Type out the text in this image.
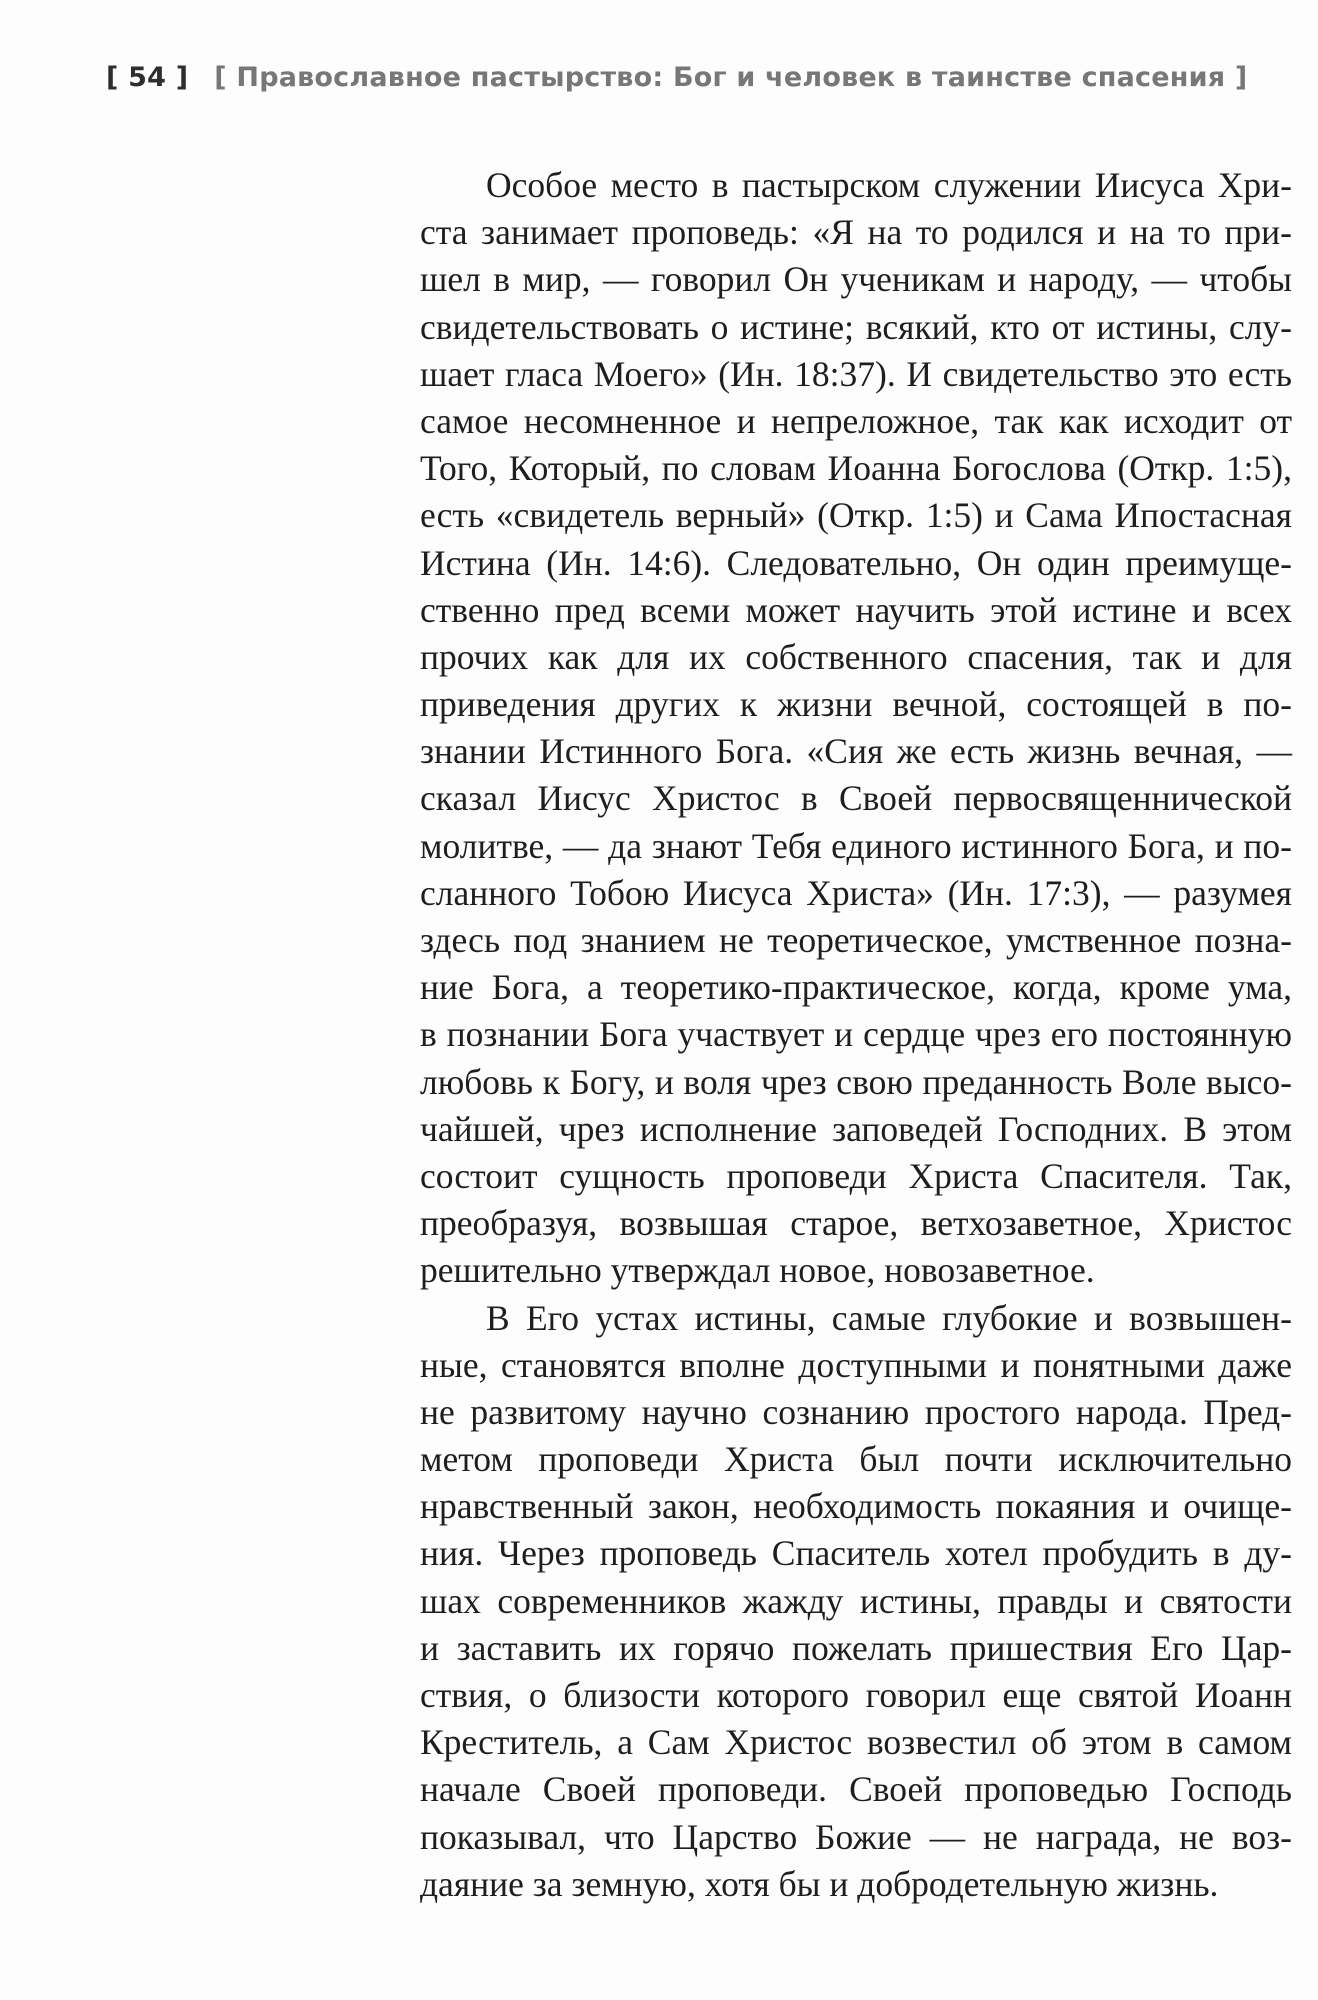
[ 54 ] [ Православное пастырство: Бог и человек в таинстве спасения ]
Особое место в пастырском служении Иисуса Хри-
ста занимает проповедь: «Я на то родился и на то при-
шел в мир, — говорил Он ученикам и народу, — чтобы
свидетельствовать о истине; всякий, кто от истины, слу-
шает гласа Моего» (Ин. 18:37). И свидетельство это есть
самое несомненное и непреложное, так как исходит от
Того, Который, по словам Иоанна Богослова (Откр. 1:5),
есть «свидетель верный» (Откр. 1:5) и Сама Ипостасная
Истина (Ин. 14:6). Следовательно, Он один преимуще-
ственно пред всеми может научить этой истине и всех
прочих как для их собственного спасения, так и для
приведения других к жизни вечной, состоящей в по-
знании Истинного Бога. «Сия же есть жизнь вечная, —
сказал Иисус Христос в Своей первосвященнической
молитве, — да знают Тебя единого истинного Бога, и по-
сланного Тобою Иисуса Христа» (Ин. 17:3), — разумея
здесь под знанием не теоретическое, умственное позна-
ние Бога, а теоретико-практическое, когда, кроме ума,
в познании Бога участвует и сердце чрез его постоянную
любовь к Богу, и воля чрез свою преданность Воле высо-
чайшей, чрез исполнение заповедей Господних. В этом
состоит сущность проповеди Христа Спасителя. Так,
преобразуя, возвышая старое, ветхозаветное, Христос
решительно утверждал новое, новозаветное.
В Его устах истины, самые глубокие и возвышен-
ные, становятся вполне доступными и понятными даже
не развитому научно сознанию простого народа. Пред-
метом проповеди Христа был почти исключительно
нравственный закон, необходимость покаяния и очище-
ния. Через проповедь Спаситель хотел пробудить в ду-
шах современников жажду истины, правды и святости
и заставить их горячо пожелать пришествия Его Цар-
ствия, о близости которого говорил еще святой Иоанн
Креститель, а Сам Христос возвестил об этом в самом
начале Своей проповеди. Своей проповедью Господь
показывал, что Царство Божие — не награда, не воз-
даяние за земную, хотя бы и добродетельную жизнь.
